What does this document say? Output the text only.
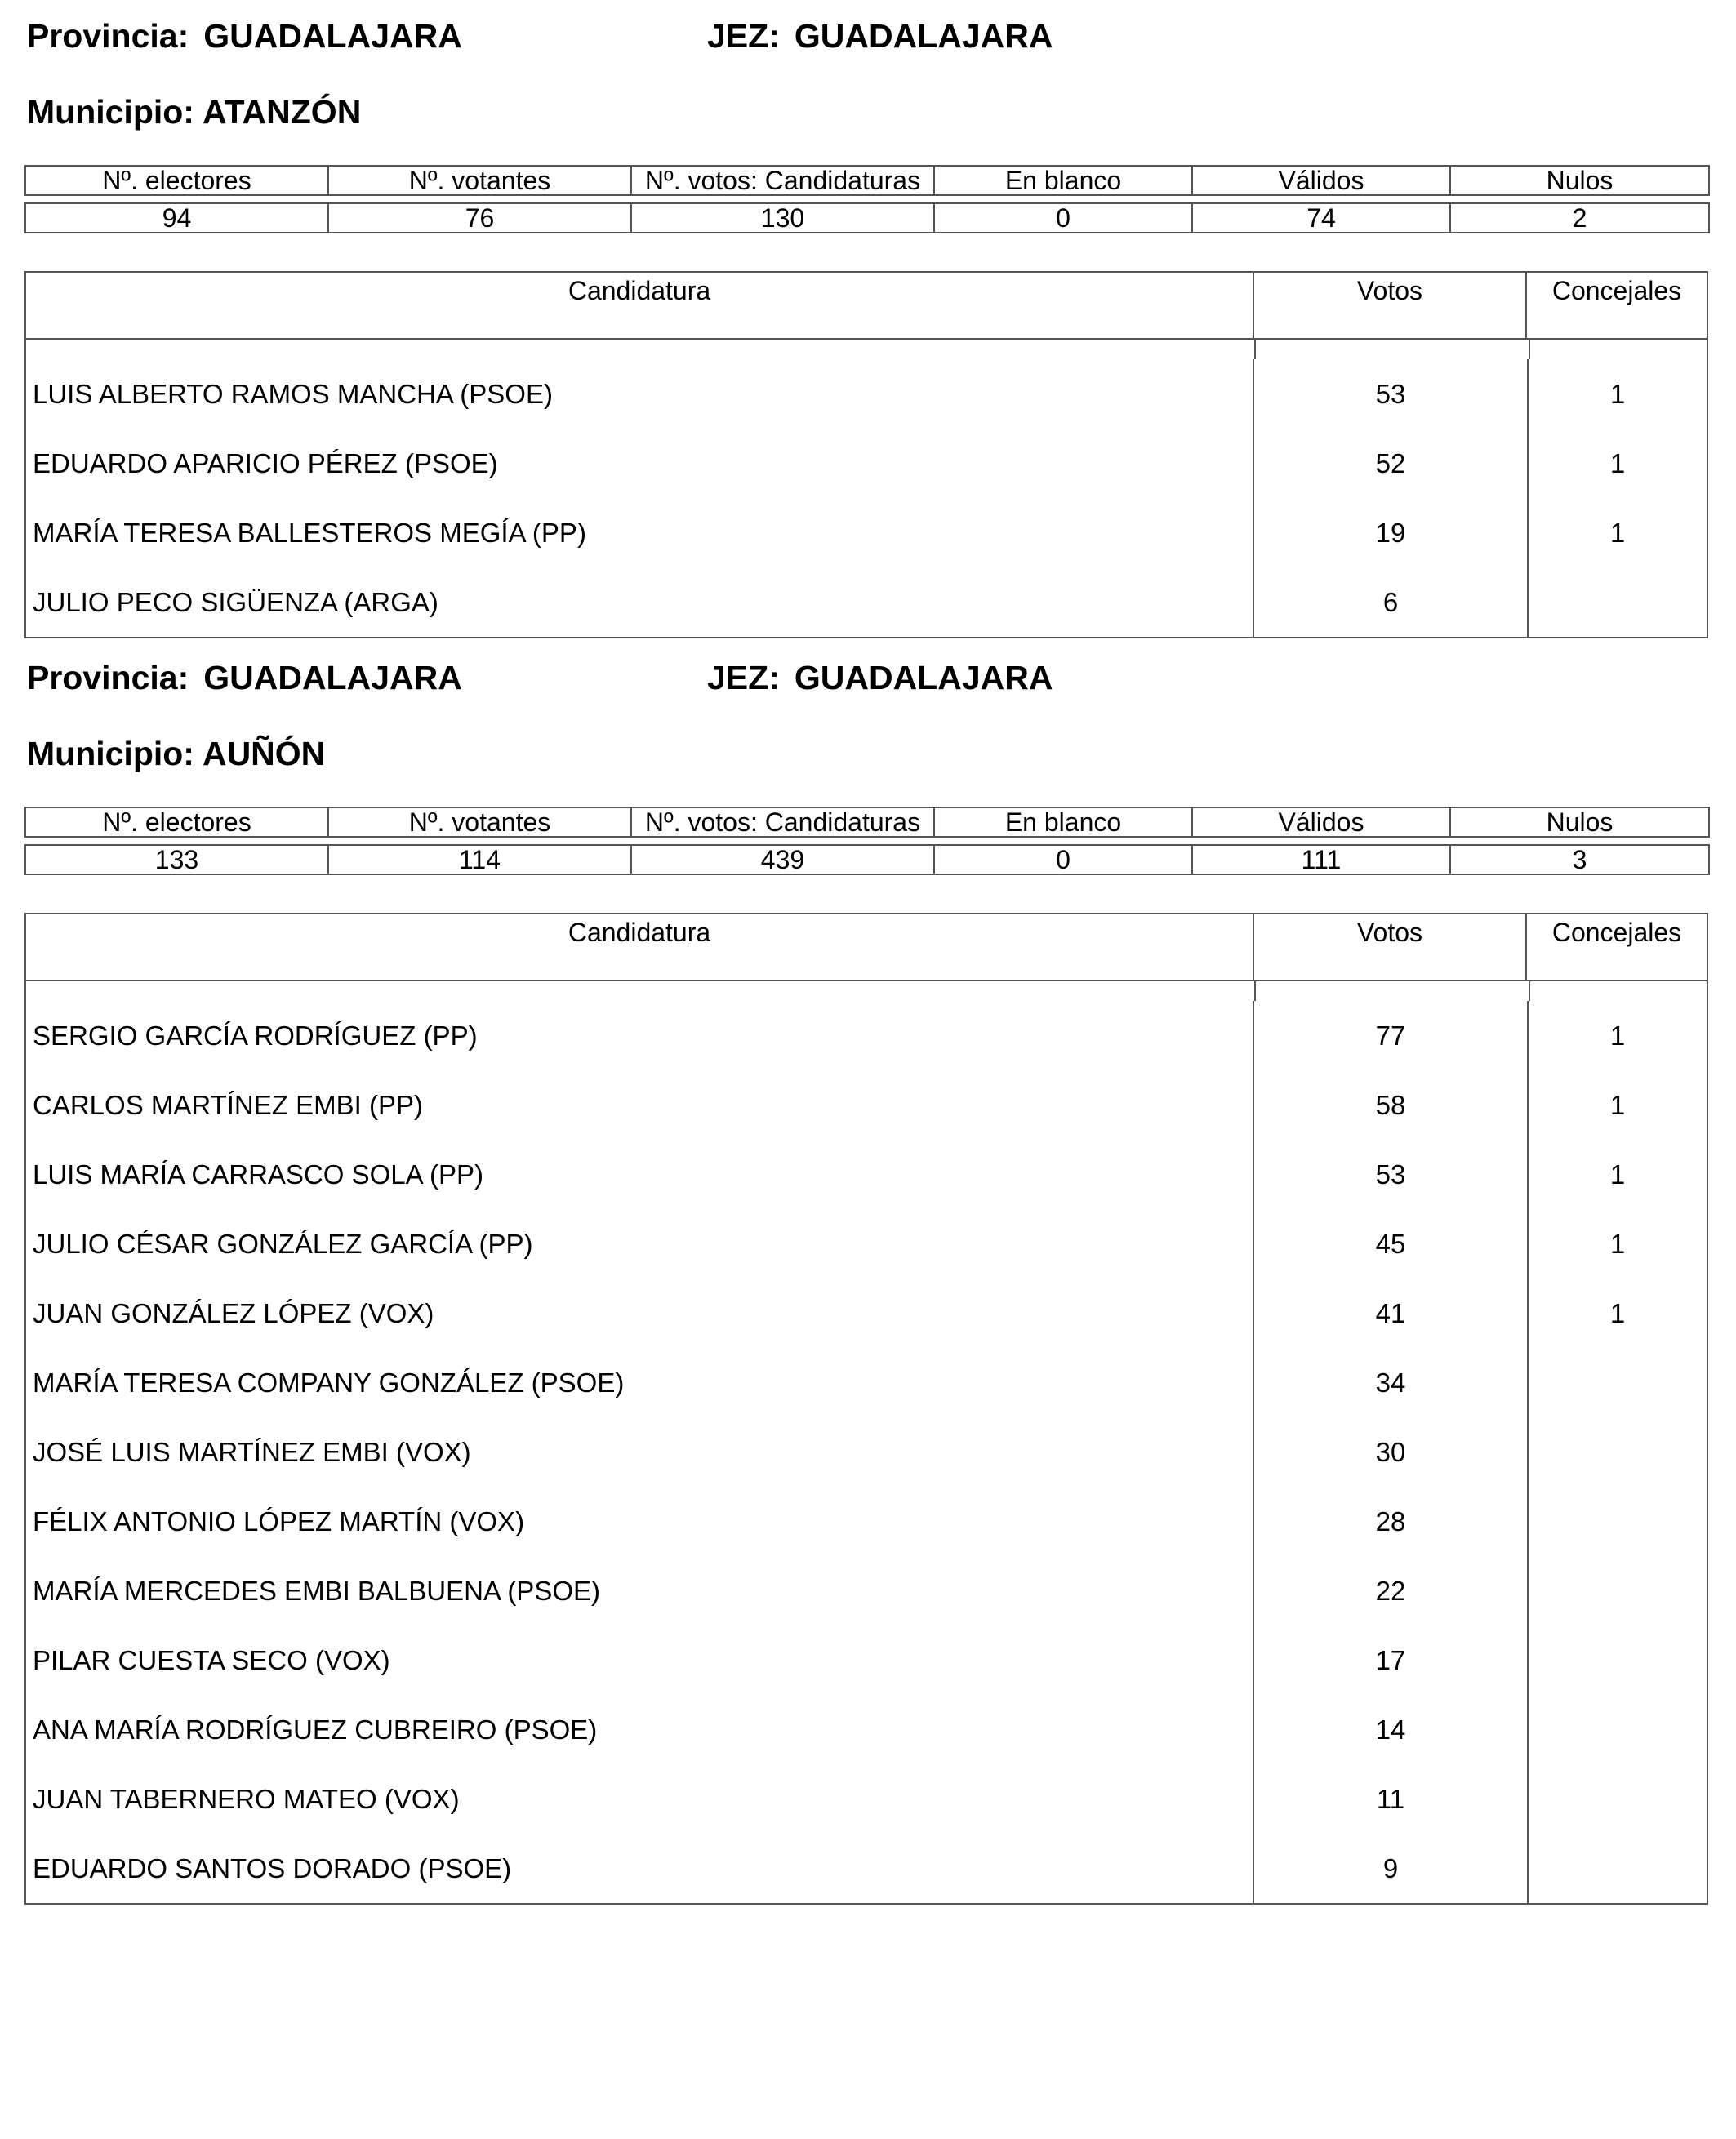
Provincia: GUADALAJARA	JEZ: GUADALAJARA
Municipio: ATANZÓN
Nº. electores	Nº. votantes	Nº. votos: Candidaturas	En blanco	Válidos	Nulos

94	76	130	0	74	2
Candidatura	Votos	Concejales
LUIS ALBERTO RAMOS MANCHA (PSOE)	53	1
EDUARDO APARICIO PÉREZ (PSOE)	52	1
MARÍA TERESA BALLESTEROS MEGÍA (PP)	19	1
JULIO PECO SIGÜENZA (ARGA)	6
Provincia: GUADALAJARA	JEZ: GUADALAJARA
Municipio: AUÑÓN
Nº. electores	Nº. votantes	Nº. votos: Candidaturas	En blanco	Válidos	Nulos

133	114	439	0	111	3
Candidatura	Votos	Concejales
SERGIO GARCÍA RODRÍGUEZ (PP)	77	1
CARLOS MARTÍNEZ EMBI (PP)	58	1
LUIS MARÍA CARRASCO SOLA (PP)	53	1
JULIO CÉSAR GONZÁLEZ GARCÍA (PP)	45	1
JUAN GONZÁLEZ LÓPEZ (VOX)	41	1
MARÍA TERESA COMPANY GONZÁLEZ (PSOE)	34
JOSÉ LUIS MARTÍNEZ EMBI (VOX)	30
FÉLIX ANTONIO LÓPEZ MARTÍN (VOX)	28
MARÍA MERCEDES EMBI BALBUENA (PSOE)	22
PILAR CUESTA SECO (VOX)	17
ANA MARÍA RODRÍGUEZ CUBREIRO (PSOE)	14
JUAN TABERNERO MATEO (VOX)	11
EDUARDO SANTOS DORADO (PSOE)	9
